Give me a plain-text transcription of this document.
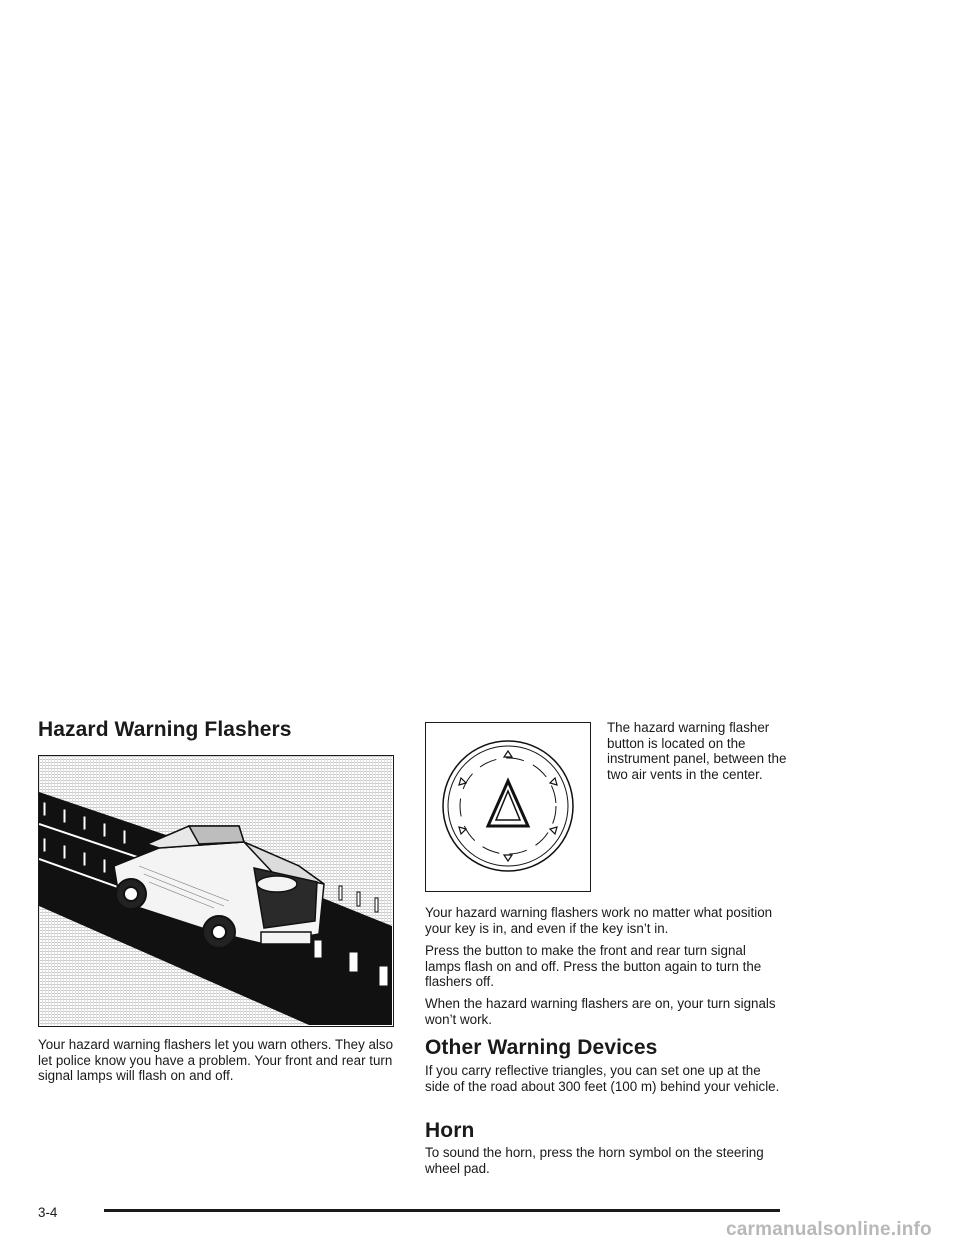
Hazard Warning Flashers

Your hazard warning flashers let you warn others. They also let police know you have a problem. Your front and rear turn signal lamps will flash on and off.

The hazard warning flasher button is located on the instrument panel, between the two air vents in the center.

Your hazard warning flashers work no matter what position your key is in, and even if the key isn’t in.

Press the button to make the front and rear turn signal lamps flash on and off. Press the button again to turn the flashers off.

When the hazard warning flashers are on, your turn signals won’t work.

Other Warning Devices

If you carry reflective triangles, you can set one up at the side of the road about 300 feet (100 m) behind your vehicle.

Horn

To sound the horn, press the horn symbol on the steering wheel pad.

3-4
carmanualsonline.info
